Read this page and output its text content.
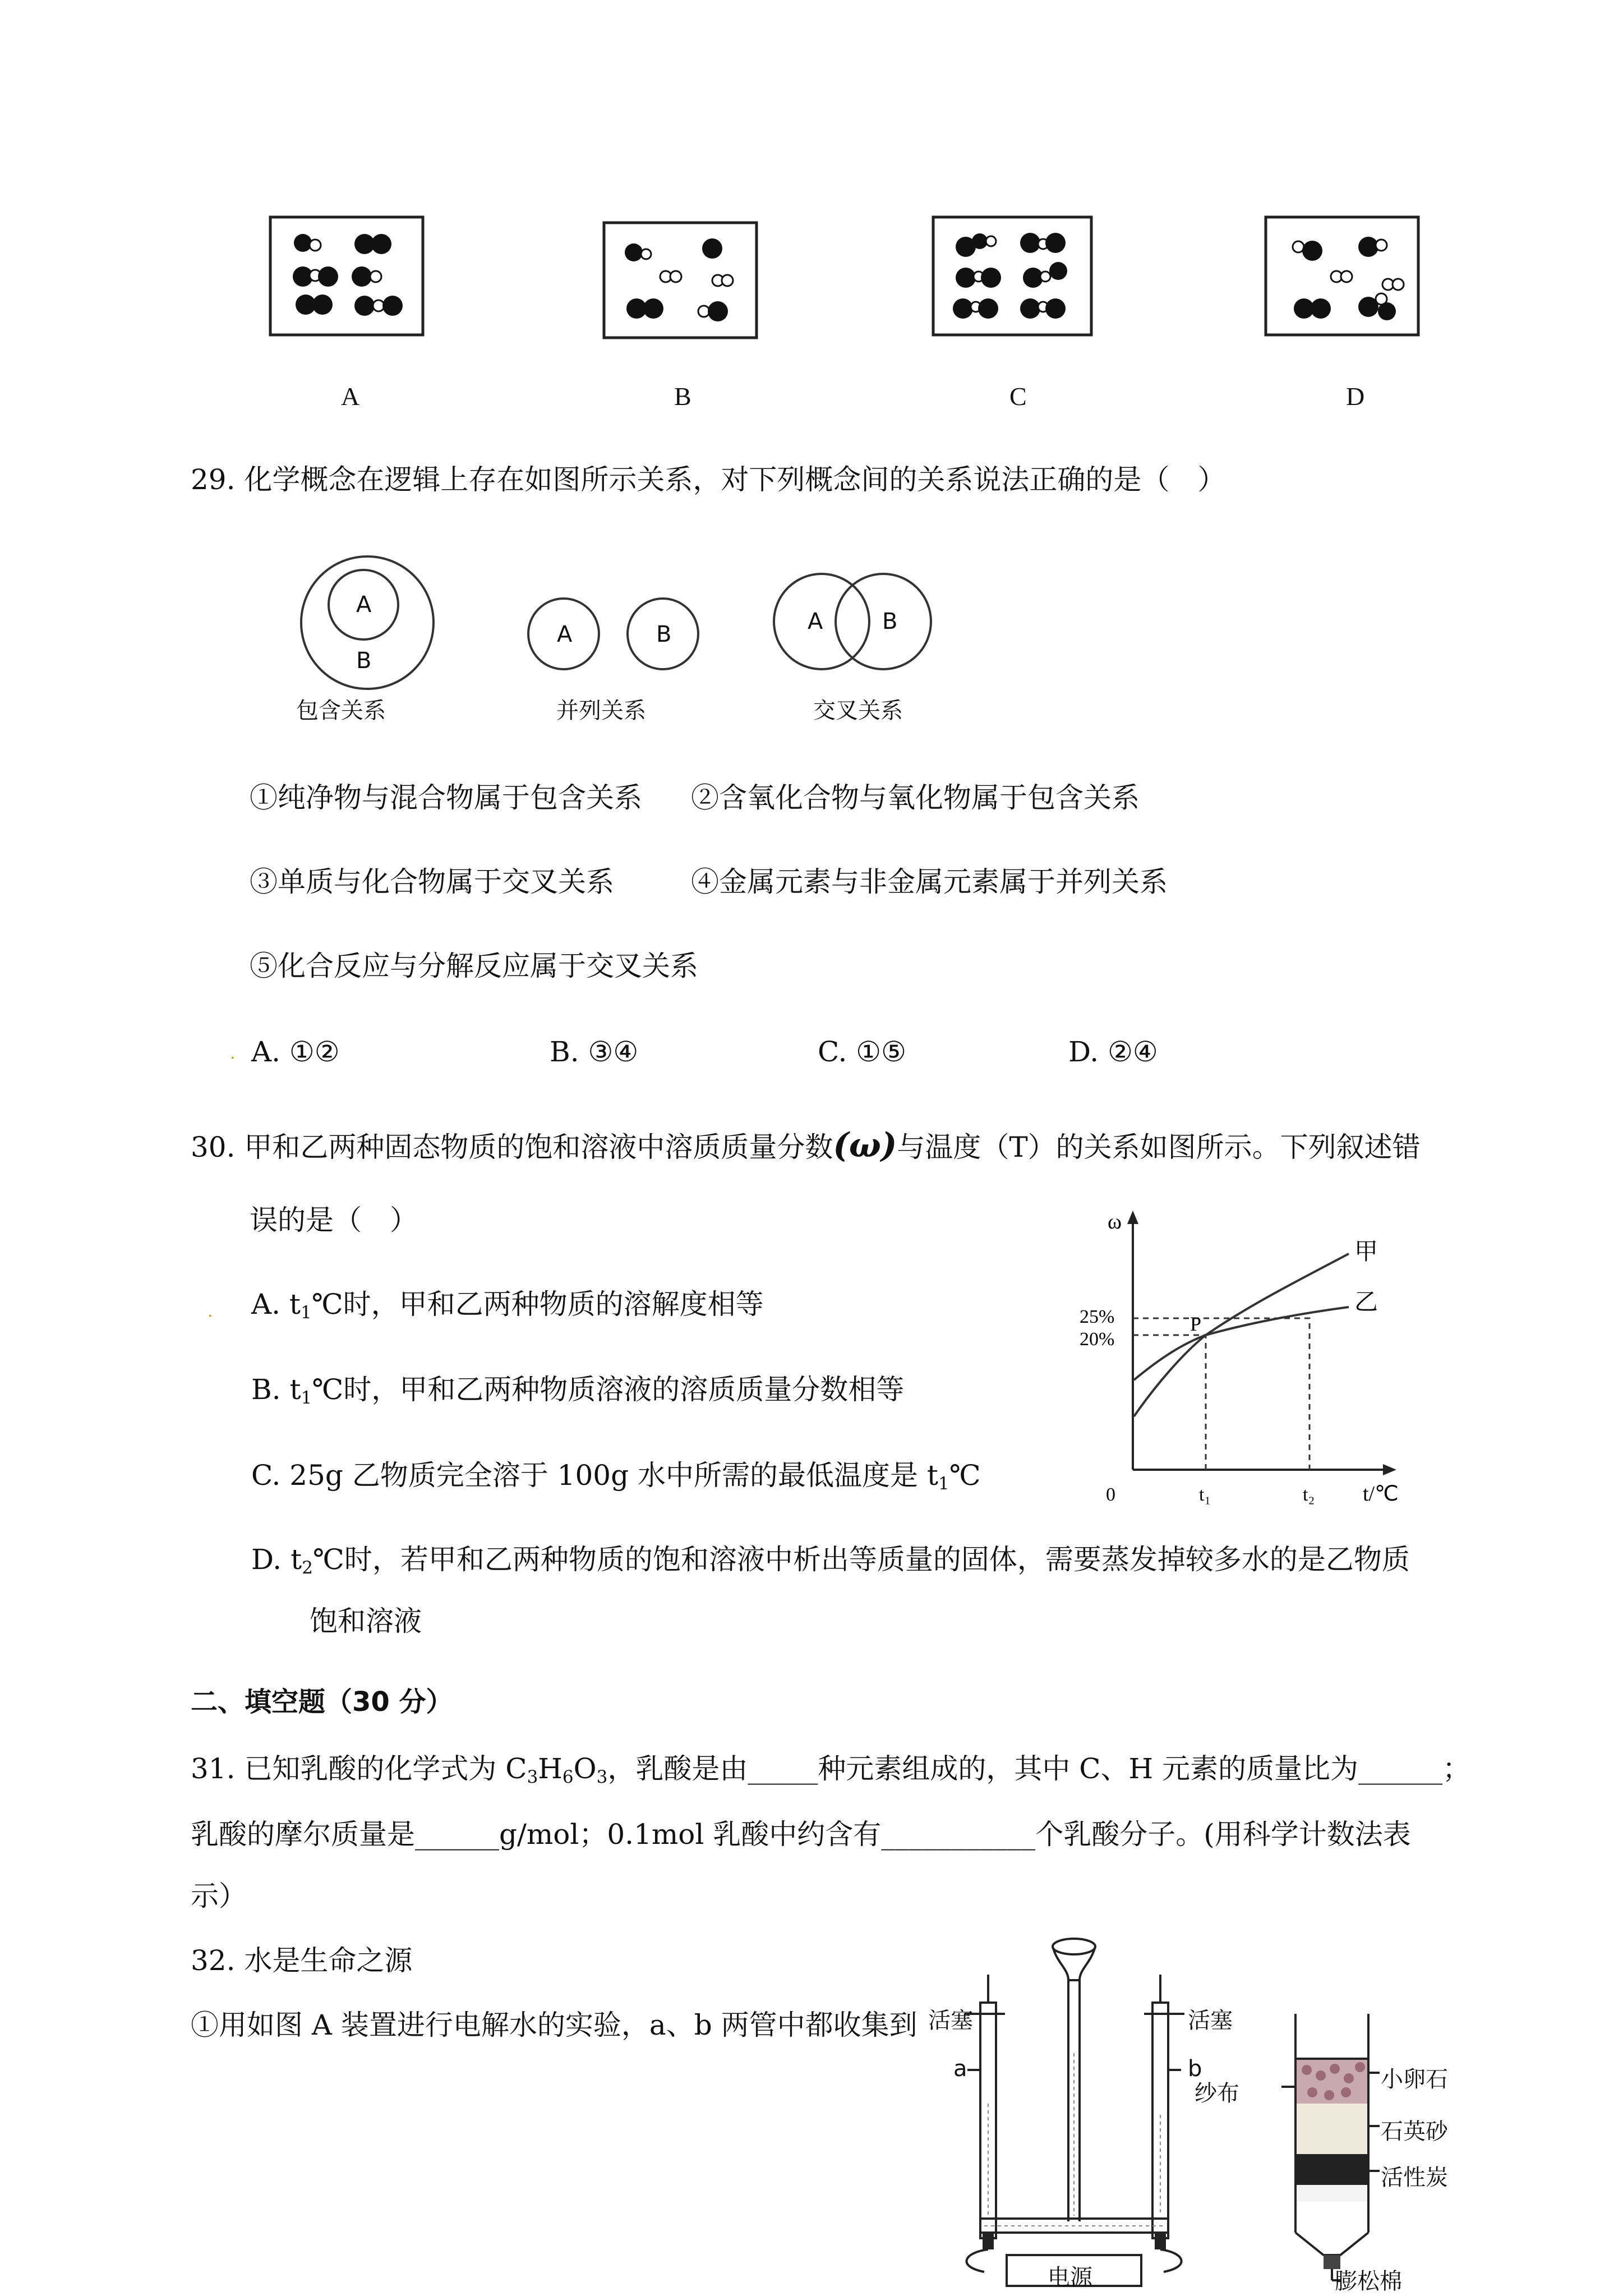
A	B	C	D
29. 化学概念在逻辑上存在如图所示关系，对下列概念间的关系说法正确的是（　）
A
B
包含关系
A	B
并列关系
A	B
交叉关系
①纯净物与混合物属于包含关系 ②含氧化合物与氧化物属于包含关系
③单质与化合物属于交叉关系	④金属元素与非金属元素属于并列关系
⑤化合反应与分解反应属于交叉关系
. A. ①②	B. ③④	C. ①⑤	D. ②④
30. 甲和乙两种固态物质的饱和溶液中溶质质量分数(ω)与温度（T）的关系如图所示。下列叙述错
误的是（　）
. A. $t_1℃$时，甲和乙两种物质的溶解度相等
B. $t_1℃$时，甲和乙两种物质溶液的溶质质量分数相等
C. 25g 乙物质完全溶于 100g 水中所需的最低温度是 $t_1℃$
D. $t_2℃$时，若甲和乙两种物质的饱和溶液中析出等质量的固体，需要蒸发掉较多水的是乙物质
饱和溶液
ω
25%
20%
P
甲
乙
0	t₁	t₂ t/℃
二、填空题（30 分）
31. 已知乳酸的化学式为 $C_3H_6O_3$，乳酸是由_____种元素组成的，其中 C、H 元素的质量比为______；
乳酸的摩尔质量是______g/mol；0.1mol 乳酸中约含有___________个乳酸分子。(用科学计数法表
示）
32. 水是生命之源
①用如图 A 装置进行电解水的实验，a、b 两管中都收集到 活塞	活塞
a	b
电源
纱布
小卵石
石英砂
活性炭
膨松棉
